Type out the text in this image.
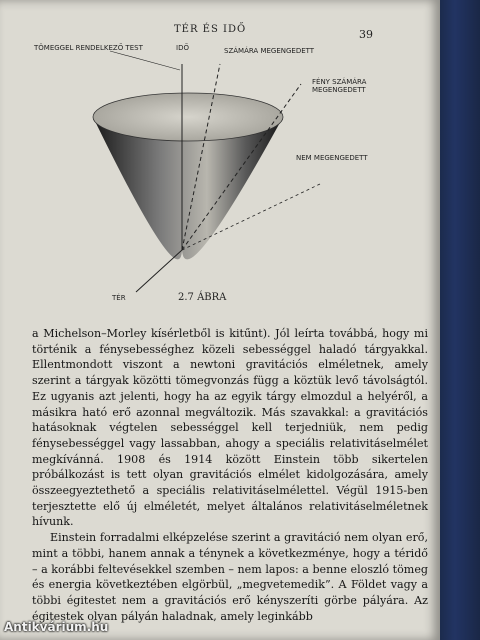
TÉR ÉS IDŐ	39
TÖMEGGEL RENDELKEZŐ TEST	IDŐ	SZÁMÁRA MEGENGEDETT
FÉNY SZÁMÁRA
MEGENGEDETT
NEM MEGENGEDETT
TÉR	2.7 ÁBRA

a Michelson–Morley kísérletből is kitűnt). Jól leírta továbbá, hogy mi történik a fénysebességhez közeli sebességgel haladó tárgyakkal. Ellentmondott viszont a newtoni gravitációs elméletnek, amely szerint a tárgyak közötti tömegvonzás függ a köztük levő távolságtól. Ez ugyanis azt jelenti, hogy ha az egyik tárgy elmozdul a helyéről, a másikra ható erő azonnal megváltozik. Más szavakkal: a gravitációs hatásoknak végtelen sebességgel kell terjedniük, nem pedig fénysebességgel vagy lassabban, ahogy a speciális relativitáselmélet megkívánná. 1908 és 1914 között Einstein több sikertelen próbálkozást is tett olyan gravitációs elmélet kidolgozására, amely összeegyeztethető a speciális relativitáselmélettel. Végül 1915-ben terjesztette elő új elméletét, melyet általános relativitáselméletnek hívunk.

Einstein forradalmi elképzelése szerint a gravitáció nem olyan erő, mint a többi, hanem annak a ténynek a következménye, hogy a téridő – a korábbi feltevésekkel szemben – nem lapos: a benne eloszló tömeg és energia következtében elgörbül, „megvetemedik”. A Földet vagy a többi égitestet nem a gravitációs erő kényszeríti görbe pályára. Az égitestek olyan pályán haladnak, amely leginkább

Antikvárium.hu
